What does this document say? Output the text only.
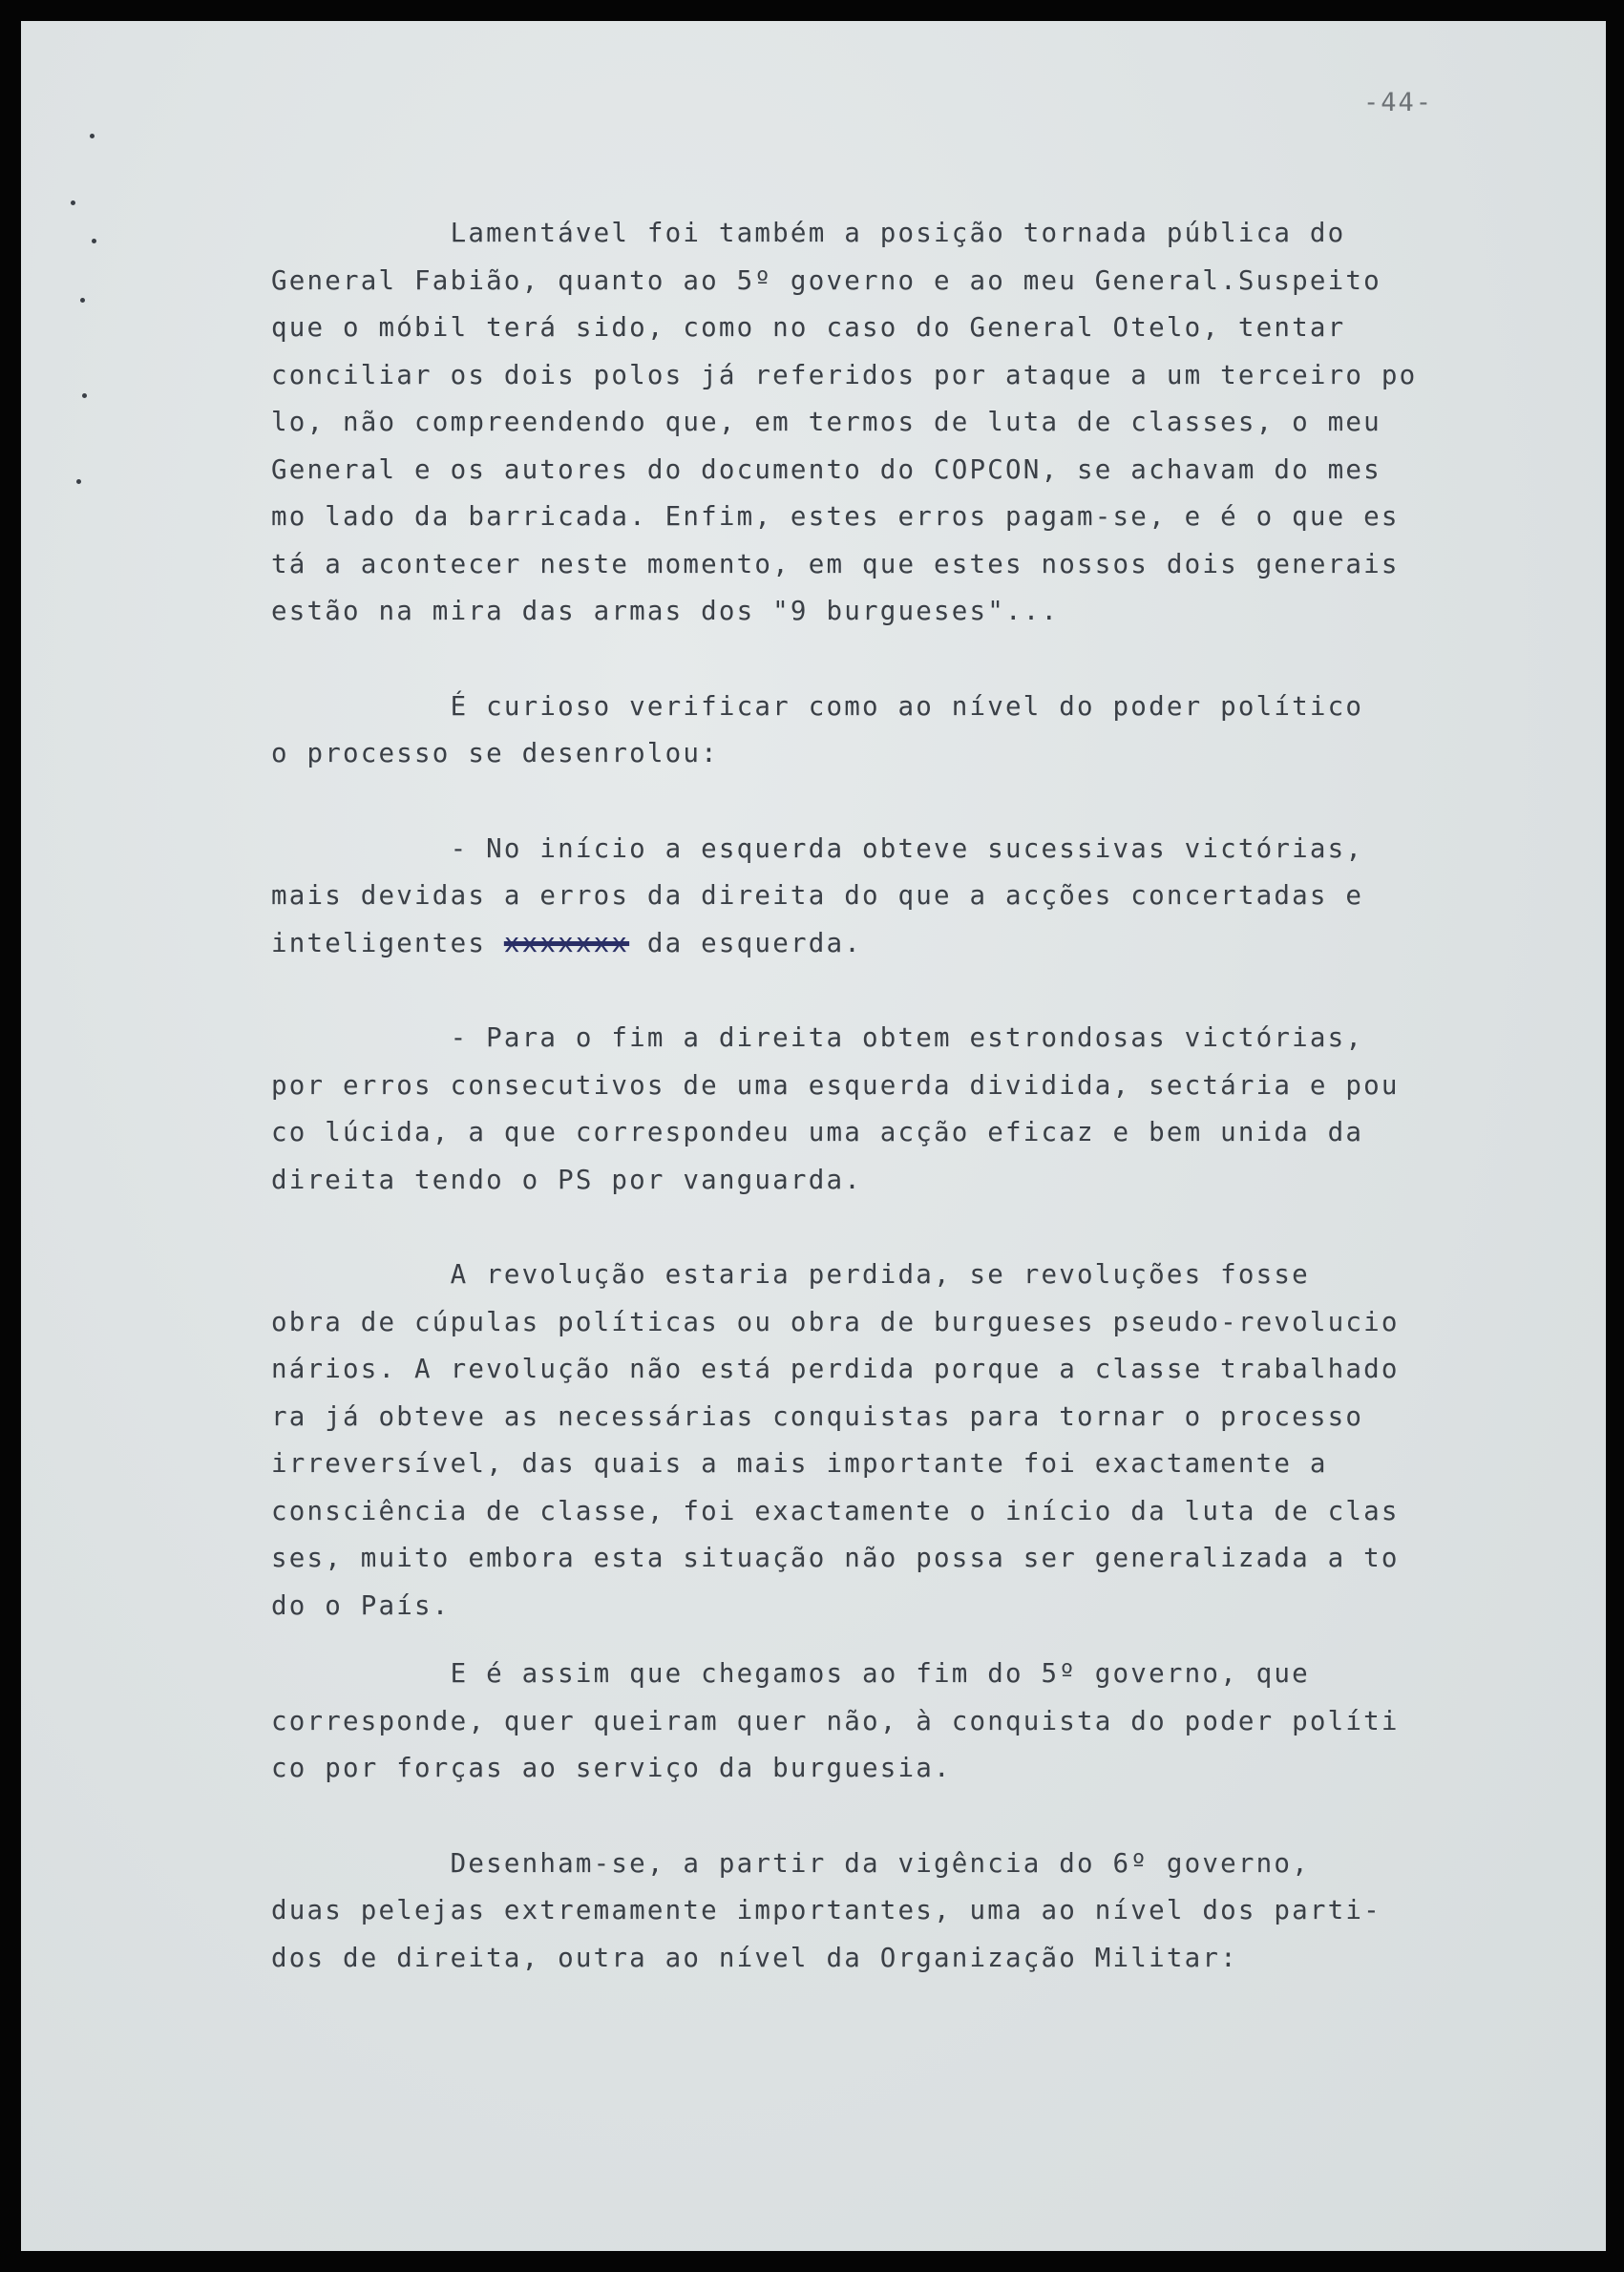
-44-
Lamentável foi também a posição tornada pública do
General Fabião, quanto ao 5º governo e ao meu General.Suspeito
que o móbil terá sido, como no caso do General Otelo, tentar
conciliar os dois polos já referidos por ataque a um terceiro po
lo, não compreendendo que, em termos de luta de classes, o meu
General e os autores do documento do COPCON, se achavam do mes
mo lado da barricada. Enfim, estes erros pagam-se, e é o que es
tá a acontecer neste momento, em que estes nossos dois generais
estão na mira das armas dos "9 burgueses"...
É curioso verificar como ao nível do poder político
o processo se desenrolou:
- No início a esquerda obteve sucessivas victórias,
mais devidas a erros da direita do que a acções concertadas e
inteligentes xxxxxxx da esquerda.
- Para o fim a direita obtem estrondosas victórias,
por erros consecutivos de uma esquerda dividida, sectária e pou
co lúcida, a que correspondeu uma acção eficaz e bem unida da
direita tendo o PS por vanguarda.
A revolução estaria perdida, se revoluções fosse
obra de cúpulas políticas ou obra de burgueses pseudo-revolucio
nários. A revolução não está perdida porque a classe trabalhado
ra já obteve as necessárias conquistas para tornar o processo
irreversível, das quais a mais importante foi exactamente a
consciência de classe, foi exactamente o início da luta de clas
ses, muito embora esta situação não possa ser generalizada a to
do o País.
E é assim que chegamos ao fim do 5º governo, que
corresponde, quer queiram quer não, à conquista do poder políti
co por forças ao serviço da burguesia.
Desenham-se, a partir da vigência do 6º governo,
duas pelejas extremamente importantes, uma ao nível dos parti-
dos de direita, outra ao nível da Organização Militar:
